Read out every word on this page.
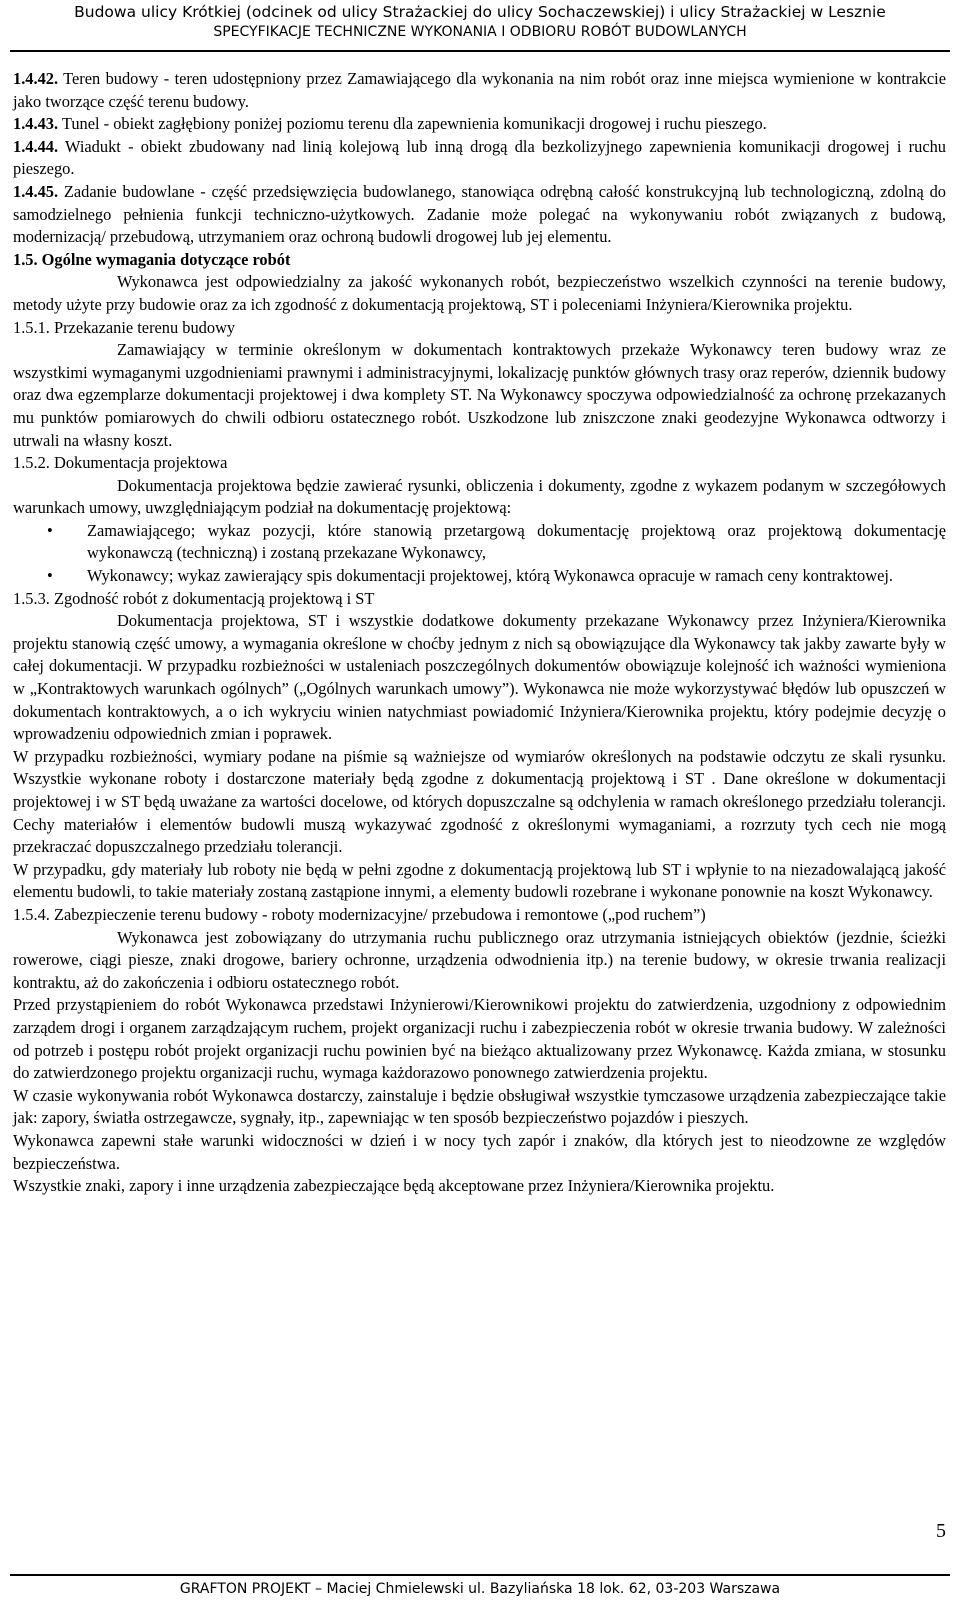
Budowa ulicy Krótkiej (odcinek od ulicy Strażackiej do ulicy Sochaczewskiej) i ulicy Strażackiej w Lesznie
SPECYFIKACJE TECHNICZNE WYKONANIA I ODBIORU ROBÓT BUDOWLANYCH

1.4.42. Teren budowy - teren udostępniony przez Zamawiającego dla wykonania na nim robót oraz inne miejsca wymienione w kontrakcie jako tworzące część terenu budowy.

1.4.43. Tunel - obiekt zagłębiony poniżej poziomu terenu dla zapewnienia komunikacji drogowej i ruchu pieszego.

1.4.44. Wiadukt - obiekt zbudowany nad linią kolejową lub inną drogą dla bezkolizyjnego zapewnienia komunikacji drogowej i ruchu pieszego.

1.4.45. Zadanie budowlane - część przedsięwzięcia budowlanego, stanowiąca odrębną całość konstrukcyjną lub technologiczną, zdolną do samodzielnego pełnienia funkcji techniczno-użytkowych. Zadanie może polegać na wykonywaniu robót związanych z budową, modernizacją/ przebudową, utrzymaniem oraz ochroną budowli drogowej lub jej elementu.

1.5. Ogólne wymagania dotyczące robót

Wykonawca jest odpowiedzialny za jakość wykonanych robót, bezpieczeństwo wszelkich czynności na terenie budowy, metody użyte przy budowie oraz za ich zgodność z dokumentacją projektową, ST i poleceniami Inżyniera/Kierownika projektu.

1.5.1. Przekazanie terenu budowy

Zamawiający w terminie określonym w dokumentach kontraktowych przekaże Wykonawcy teren budowy wraz ze wszystkimi wymaganymi uzgodnieniami prawnymi i administracyjnymi, lokalizację punktów głównych trasy oraz reperów, dziennik budowy oraz dwa egzemplarze dokumentacji projektowej i dwa komplety ST. Na Wykonawcy spoczywa odpowiedzialność za ochronę przekazanych mu punktów pomiarowych do chwili odbioru ostatecznego robót. Uszkodzone lub zniszczone znaki geodezyjne Wykonawca odtworzy i utrwali na własny koszt.

1.5.2. Dokumentacja projektowa

Dokumentacja projektowa będzie zawierać rysunki, obliczenia i dokumenty, zgodne z wykazem podanym w szczegółowych warunkach umowy, uwzględniającym podział na dokumentację projektową:

• Zamawiającego; wykaz pozycji, które stanowią przetargową dokumentację projektową oraz projektową dokumentację wykonawczą (techniczną) i zostaną przekazane Wykonawcy,
• Wykonawcy; wykaz zawierający spis dokumentacji projektowej, którą Wykonawca opracuje w ramach ceny kontraktowej.

1.5.3. Zgodność robót z dokumentacją projektową i ST

Dokumentacja projektowa, ST i wszystkie dodatkowe dokumenty przekazane Wykonawcy przez Inżyniera/Kierownika projektu stanowią część umowy, a wymagania określone w choćby jednym z nich są obowiązujące dla Wykonawcy tak jakby zawarte były w całej dokumentacji. W przypadku rozbieżności w ustaleniach poszczególnych dokumentów obowiązuje kolejność ich ważności wymieniona w „Kontraktowych warunkach ogólnych” („Ogólnych warunkach umowy”). Wykonawca nie może wykorzystywać błędów lub opuszczeń w dokumentach kontraktowych, a o ich wykryciu winien natychmiast powiadomić Inżyniera/Kierownika projektu, który podejmie decyzję o wprowadzeniu odpowiednich zmian i poprawek.

W przypadku rozbieżności, wymiary podane na piśmie są ważniejsze od wymiarów określonych na podstawie odczytu ze skali rysunku. Wszystkie wykonane roboty i dostarczone materiały będą zgodne z dokumentacją projektową i ST . Dane określone w dokumentacji projektowej i w ST będą uważane za wartości docelowe, od których dopuszczalne są odchylenia w ramach określonego przedziału tolerancji. Cechy materiałów i elementów budowli muszą wykazywać zgodność z określonymi wymaganiami, a rozrzuty tych cech nie mogą przekraczać dopuszczalnego przedziału tolerancji.

W przypadku, gdy materiały lub roboty nie będą w pełni zgodne z dokumentacją projektową lub ST i wpłynie to na niezadowalającą jakość elementu budowli, to takie materiały zostaną zastąpione innymi, a elementy budowli rozebrane i wykonane ponownie na koszt Wykonawcy.

1.5.4. Zabezpieczenie terenu budowy - roboty modernizacyjne/ przebudowa i remontowe („pod ruchem”)

Wykonawca jest zobowiązany do utrzymania ruchu publicznego oraz utrzymania istniejących obiektów (jezdnie, ścieżki rowerowe, ciągi piesze, znaki drogowe, bariery ochronne, urządzenia odwodnienia itp.) na terenie budowy, w okresie trwania realizacji kontraktu, aż do zakończenia i odbioru ostatecznego robót.

Przed przystąpieniem do robót Wykonawca przedstawi Inżynierowi/Kierownikowi projektu do zatwierdzenia, uzgodniony z odpowiednim zarządem drogi i organem zarządzającym ruchem, projekt organizacji ruchu i zabezpieczenia robót w okresie trwania budowy. W zależności od potrzeb i postępu robót projekt organizacji ruchu powinien być na bieżąco aktualizowany przez Wykonawcę. Każda zmiana, w stosunku do zatwierdzonego projektu organizacji ruchu, wymaga każdorazowo ponownego zatwierdzenia projektu.

W czasie wykonywania robót Wykonawca dostarczy, zainstaluje i będzie obsługiwał wszystkie tymczasowe urządzenia zabezpieczające takie jak: zapory, światła ostrzegawcze, sygnały, itp., zapewniając w ten sposób bezpieczeństwo pojazdów i pieszych.

Wykonawca zapewni stałe warunki widoczności w dzień i w nocy tych zapór i znaków, dla których jest to nieodzowne ze względów bezpieczeństwa.

Wszystkie znaki, zapory i inne urządzenia zabezpieczające będą akceptowane przez Inżyniera/Kierownika projektu.

5
GRAFTON PROJEKT – Maciej Chmielewski ul. Bazyliańska 18 lok. 62, 03-203 Warszawa
